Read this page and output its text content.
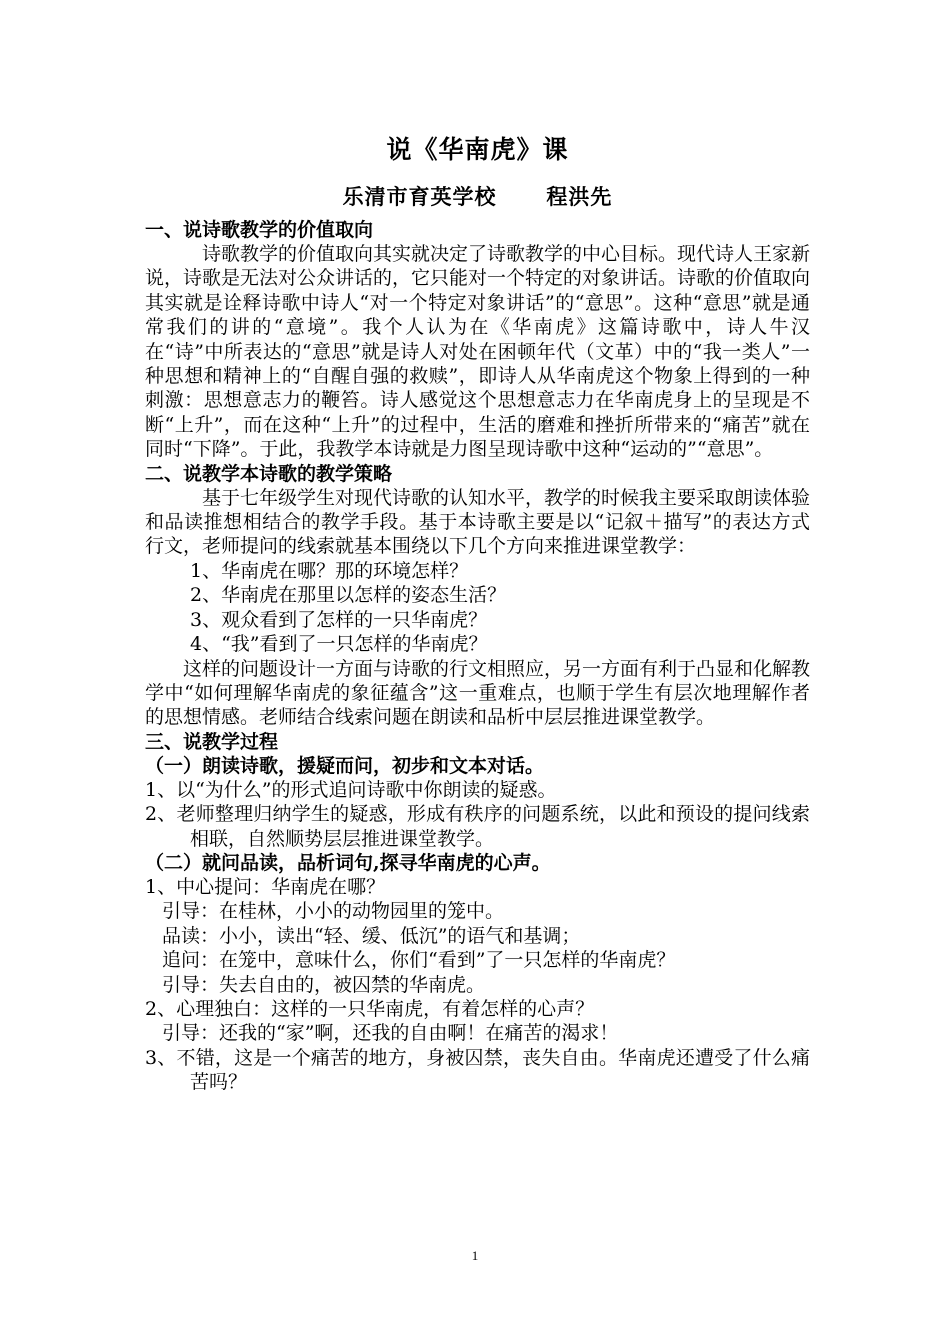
说《华南虎》课
乐清市育英学校      程洪先
一、说诗歌教学的价值取向
诗歌教学的价值取向其实就决定了诗歌教学的中心目标。现代诗人王家新说，诗歌是无法对公众讲话的，它只能对一个特定的对象讲话。诗歌的价值取向其实就是诠释诗歌中诗人“对一个特定对象讲话”的“意思”。这种“意思”就是通常我们的讲的“意境”。我个人认为在《华南虎》这篇诗歌中，诗人牛汉在“诗”中所表达的“意思”就是诗人对处在困顿年代（文革）中的“我一类人”一种思想和精神上的“自醒自强的救赎”，即诗人从华南虎这个物象上得到的一种刺激：思想意志力的鞭笞。诗人感觉这个思想意志力在华南虎身上的呈现是不断“上升”，而在这种“上升”的过程中，生活的磨难和挫折所带来的“痛苦”就在同时“下降”。于此，我教学本诗就是力图呈现诗歌中这种“运动的”“意思”。
二、说教学本诗歌的教学策略
基于七年级学生对现代诗歌的认知水平，教学的时候我主要采取朗读体验和品读推想相结合的教学手段。基于本诗歌主要是以“记叙＋描写”的表达方式行文，老师提问的线索就基本围绕以下几个方向来推进课堂教学：
1、华南虎在哪？那的环境怎样？
2、华南虎在那里以怎样的姿态生活？
3、观众看到了怎样的一只华南虎？
4、“我”看到了一只怎样的华南虎？
这样的问题设计一方面与诗歌的行文相照应，另一方面有利于凸显和化解教学中“如何理解华南虎的象征蕴含”这一重难点，也顺于学生有层次地理解作者的思想情感。老师结合线索问题在朗读和品析中层层推进课堂教学。
三、说教学过程
（一）朗读诗歌，援疑而问，初步和文本对话。
1、以“为什么”的形式追问诗歌中你朗读的疑惑。
2、老师整理归纳学生的疑惑，形成有秩序的问题系统，以此和预设的提问线索相联，自然顺势层层推进课堂教学。
（二）就问品读，品析词句,探寻华南虎的心声。
1、中心提问：华南虎在哪？
引导：在桂林，小小的动物园里的笼中。
品读：小小，读出“轻、缓、低沉”的语气和基调；
追问：在笼中，意味什么，你们“看到”了一只怎样的华南虎？
引导：失去自由的，被囚禁的华南虎。
2、心理独白：这样的一只华南虎，有着怎样的心声？
引导：还我的“家”啊，还我的自由啊！在痛苦的渴求！
3、不错，这是一个痛苦的地方，身被囚禁，丧失自由。华南虎还遭受了什么痛苦吗？
1
